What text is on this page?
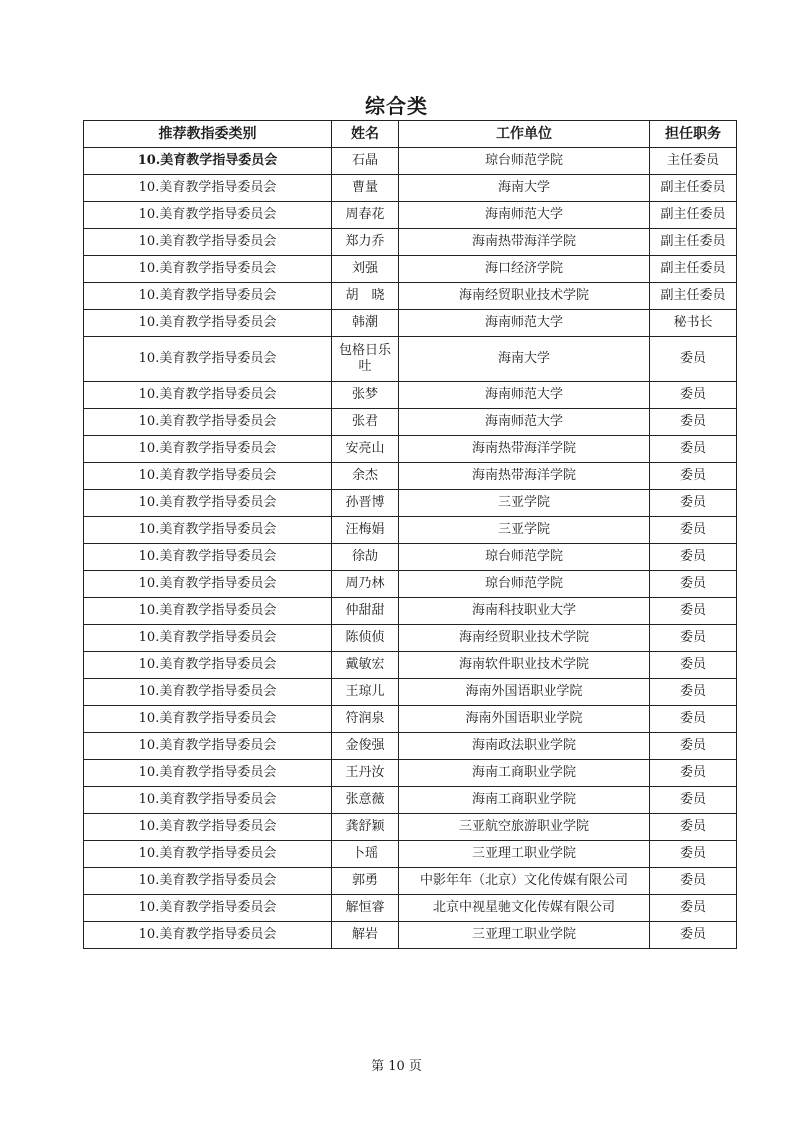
综合类
推荐教指委类别	姓名	工作单位	担任职务
10.美育教学指导委员会	石晶	琼台师范学院	主任委员
10.美育教学指导委员会	曹量	海南大学	副主任委员
10.美育教学指导委员会	周春花	海南师范大学	副主任委员
10.美育教学指导委员会	郑力乔	海南热带海洋学院	副主任委员
10.美育教学指导委员会	刘强	海口经济学院	副主任委员
10.美育教学指导委员会	胡　晓	海南经贸职业技术学院	副主任委员
10.美育教学指导委员会	韩潮	海南师范大学	秘书长
10.美育教学指导委员会	包格日乐吐	海南大学	委员
10.美育教学指导委员会	张梦	海南师范大学	委员
10.美育教学指导委员会	张君	海南师范大学	委员
10.美育教学指导委员会	安亮山	海南热带海洋学院	委员
10.美育教学指导委员会	余杰	海南热带海洋学院	委员
10.美育教学指导委员会	孙晋博	三亚学院	委员
10.美育教学指导委员会	汪梅娟	三亚学院	委员
10.美育教学指导委员会	徐劼	琼台师范学院	委员
10.美育教学指导委员会	周乃林	琼台师范学院	委员
10.美育教学指导委员会	仲甜甜	海南科技职业大学	委员
10.美育教学指导委员会	陈侦侦	海南经贸职业技术学院	委员
10.美育教学指导委员会	戴敏宏	海南软件职业技术学院	委员
10.美育教学指导委员会	王琼儿	海南外国语职业学院	委员
10.美育教学指导委员会	符润泉	海南外国语职业学院	委员
10.美育教学指导委员会	金俊强	海南政法职业学院	委员
10.美育教学指导委员会	王丹汝	海南工商职业学院	委员
10.美育教学指导委员会	张意薇	海南工商职业学院	委员
10.美育教学指导委员会	龚舒颖	三亚航空旅游职业学院	委员
10.美育教学指导委员会	卜瑶	三亚理工职业学院	委员
10.美育教学指导委员会	郭勇	中影年年（北京）文化传媒有限公司	委员
10.美育教学指导委员会	解恒睿	北京中视星驰文化传媒有限公司	委员
10.美育教学指导委员会	解岩	三亚理工职业学院	委员
第 10 页
